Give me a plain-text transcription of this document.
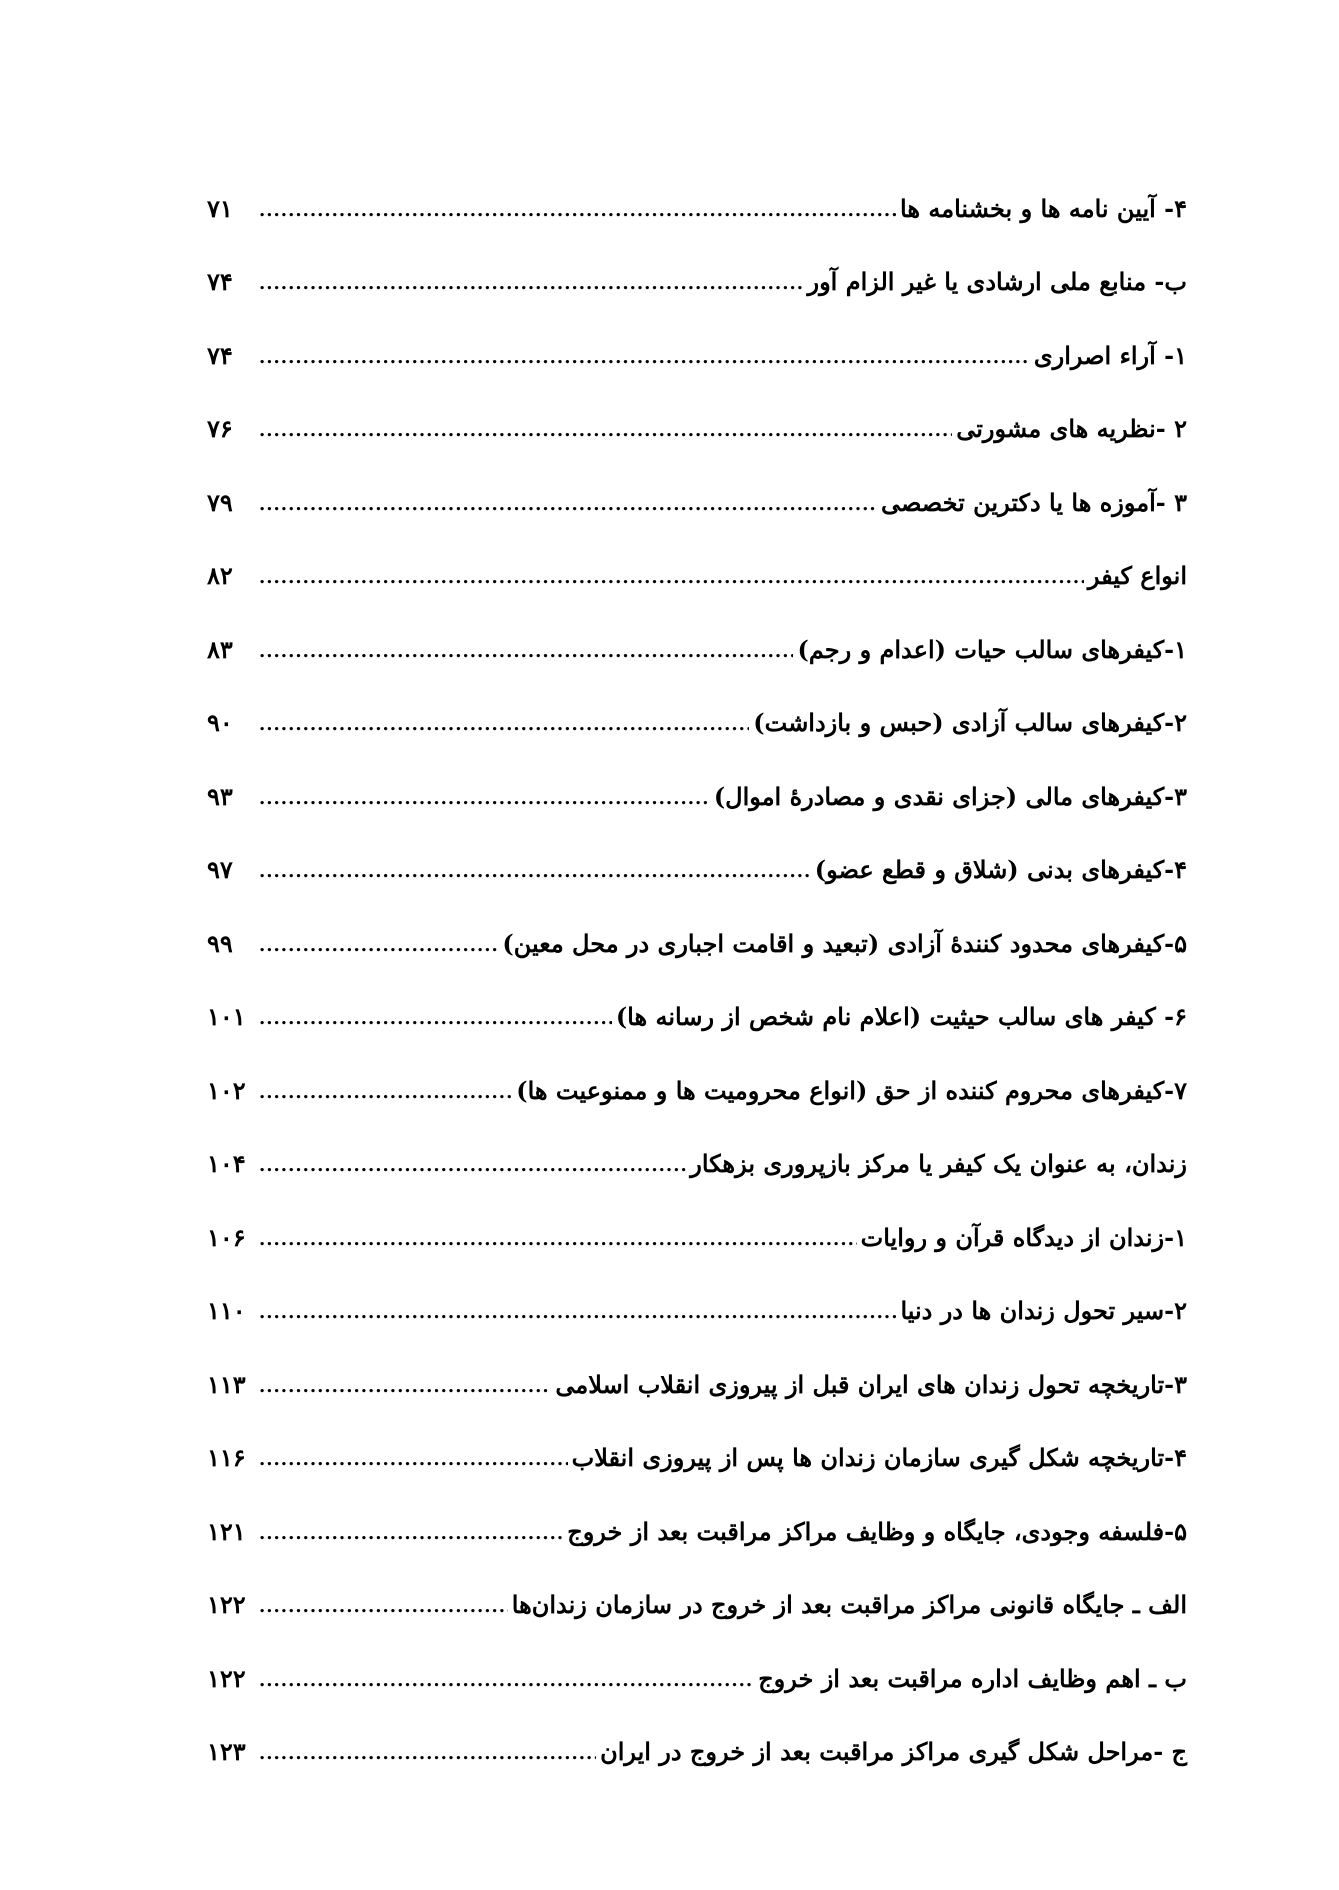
۴- آیین نامه ها و بخشنامه ها
.....
۷۱
ب- منابع ملی ارشادی یا غیر الزام آور
.....
۷۴
۱- آراء اصراری
.....
۷۴
۲ -نظریه های مشورتی
.....
۷۶
۳ -آموزه ها یا دکترین تخصصی
.....
۷۹
انواع کیفر
.....
۸۲
۱-کیفرهای سالب حیات (اعدام و رجم)
.....
۸۳
۲-کیفرهای سالب آزادی (حبس و بازداشت)
.....
۹۰
۳-کیفرهای مالی (جزای نقدی و مصادرهٔ اموال)
.....
۹۳
۴-کیفرهای بدنی (شلاق و قطع عضو)
.....
۹۷
۵-کیفرهای محدود کنندهٔ آزادی (تبعید و اقامت اجباری در محل معین)
.....
۹۹
۶- کیفر های سالب حیثیت (اعلام نام شخص از رسانه ها)
.....
۱۰۱
۷-کیفرهای محروم کننده از حق (انواع محرومیت ها و ممنوعیت ها)
.....
۱۰۲
زندان، به عنوان یک کیفر یا مرکز بازپروری بزهکار
.....
۱۰۴
۱-زندان از دیدگاه قرآن و روایات
.....
۱۰۶
۲-سیر تحول زندان ها در دنیا
.....
۱۱۰
۳-تاریخچه تحول زندان های ایران قبل از پیروزی انقلاب اسلامی
.....
۱۱۳
۴-تاریخچه شکل گیری سازمان زندان ها پس از پیروزی انقلاب
.....
۱۱۶
۵-فلسفه وجودی، جایگاه و وظایف مراکز مراقبت بعد از خروج
.....
۱۲۱
الف ـ جایگاه قانونی مراکز مراقبت بعد از خروج در سازمان زندان‌ها
.....
۱۲۲
ب ـ اهم وظایف اداره مراقبت بعد از خروج
.....
۱۲۲
ج -مراحل شکل گیری مراکز مراقبت بعد از خروج در ایران
.....
۱۲۳
